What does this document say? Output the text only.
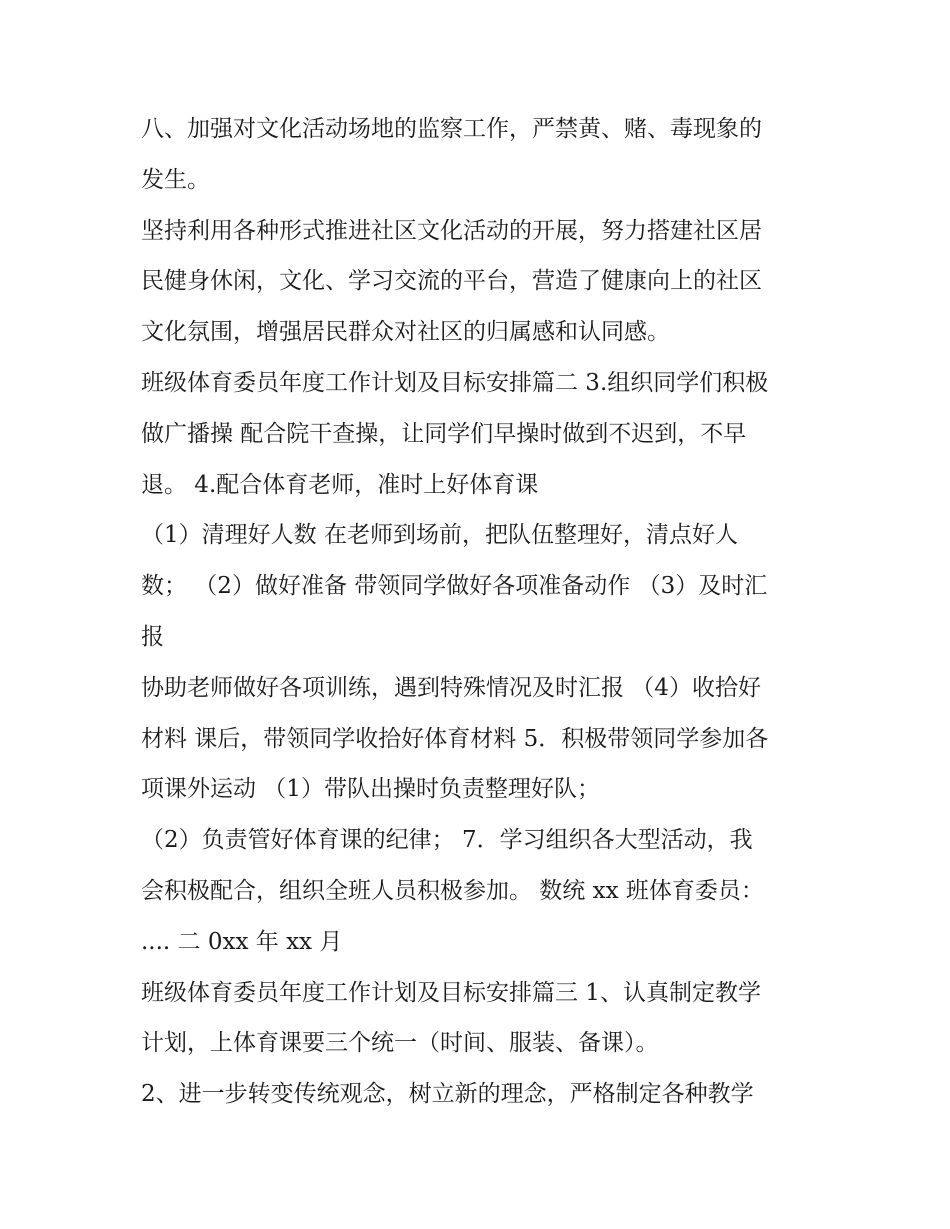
八、加强对文化活动场地的监察工作，严禁黄、赌、毒现象的
发生。
坚持利用各种形式推进社区文化活动的开展，努力搭建社区居
民健身休闲，文化、学习交流的平台，营造了健康向上的社区
文化氛围，增强居民群众对社区的归属感和认同感。
班级体育委员年度工作计划及目标安排篇二 3.组织同学们积极
做广播操 配合院干查操，让同学们早操时做到不迟到，不早
退。 4.配合体育老师，准时上好体育课
（1）清理好人数 在老师到场前，把队伍整理好，清点好人
数； （2）做好准备 带领同学做好各项准备动作 （3）及时汇
报
协助老师做好各项训练，遇到特殊情况及时汇报 （4）收拾好
材料 课后，带领同学收拾好体育材料 5．积极带领同学参加各
项课外运动 （1）带队出操时负责整理好队；
（2）负责管好体育课的纪律； 7．学习组织各大型活动，我
会积极配合，组织全班人员积极参加。 数统 xx 班体育委员：
.... 二 0xx 年 xx 月
班级体育委员年度工作计划及目标安排篇三 1、认真制定教学
计划，上体育课要三个统一（时间、服装、备课）。
2、进一步转变传统观念，树立新的理念，严格制定各种教学
